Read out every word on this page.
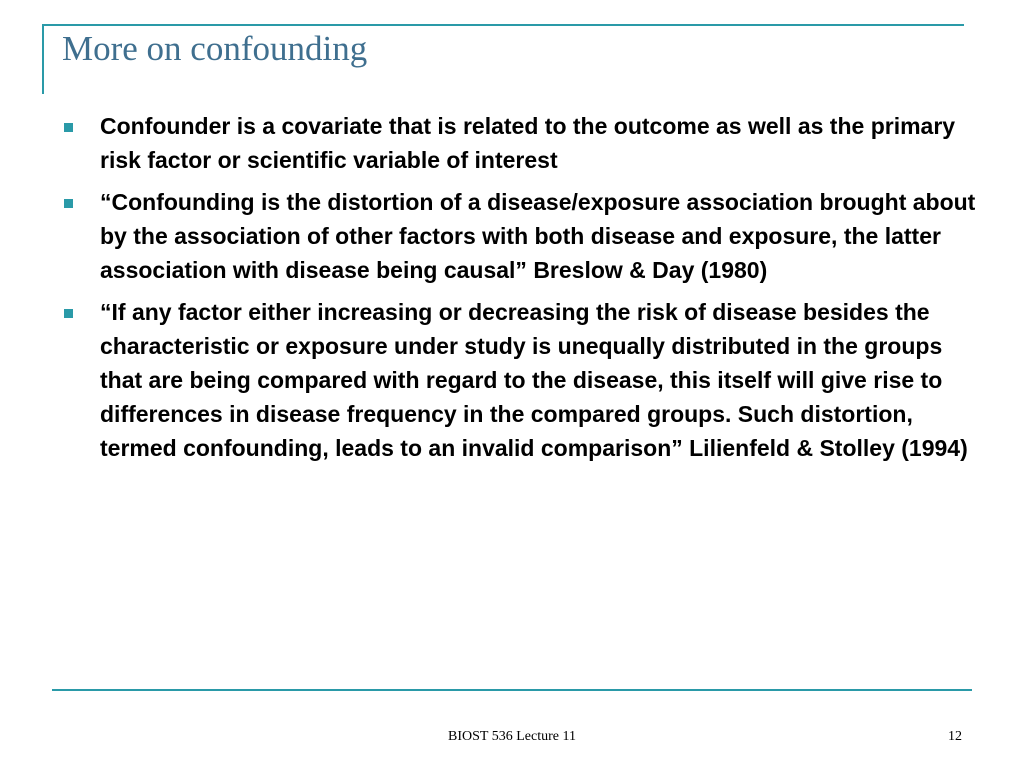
More on confounding
Confounder is a covariate that is related to the outcome as well as the primary risk factor or scientific variable of interest
“Confounding is the distortion of a disease/exposure association brought about by the association of other factors with both disease and exposure, the latter association with disease being causal” Breslow & Day (1980)
“If any factor either increasing or decreasing the risk of disease besides the characteristic or exposure under study is unequally distributed in the groups that are being compared with regard to the disease, this itself will give rise to differences in disease frequency in the compared groups. Such distortion, termed confounding, leads to an invalid comparison” Lilienfeld & Stolley (1994)
BIOST 536 Lecture 11	12
